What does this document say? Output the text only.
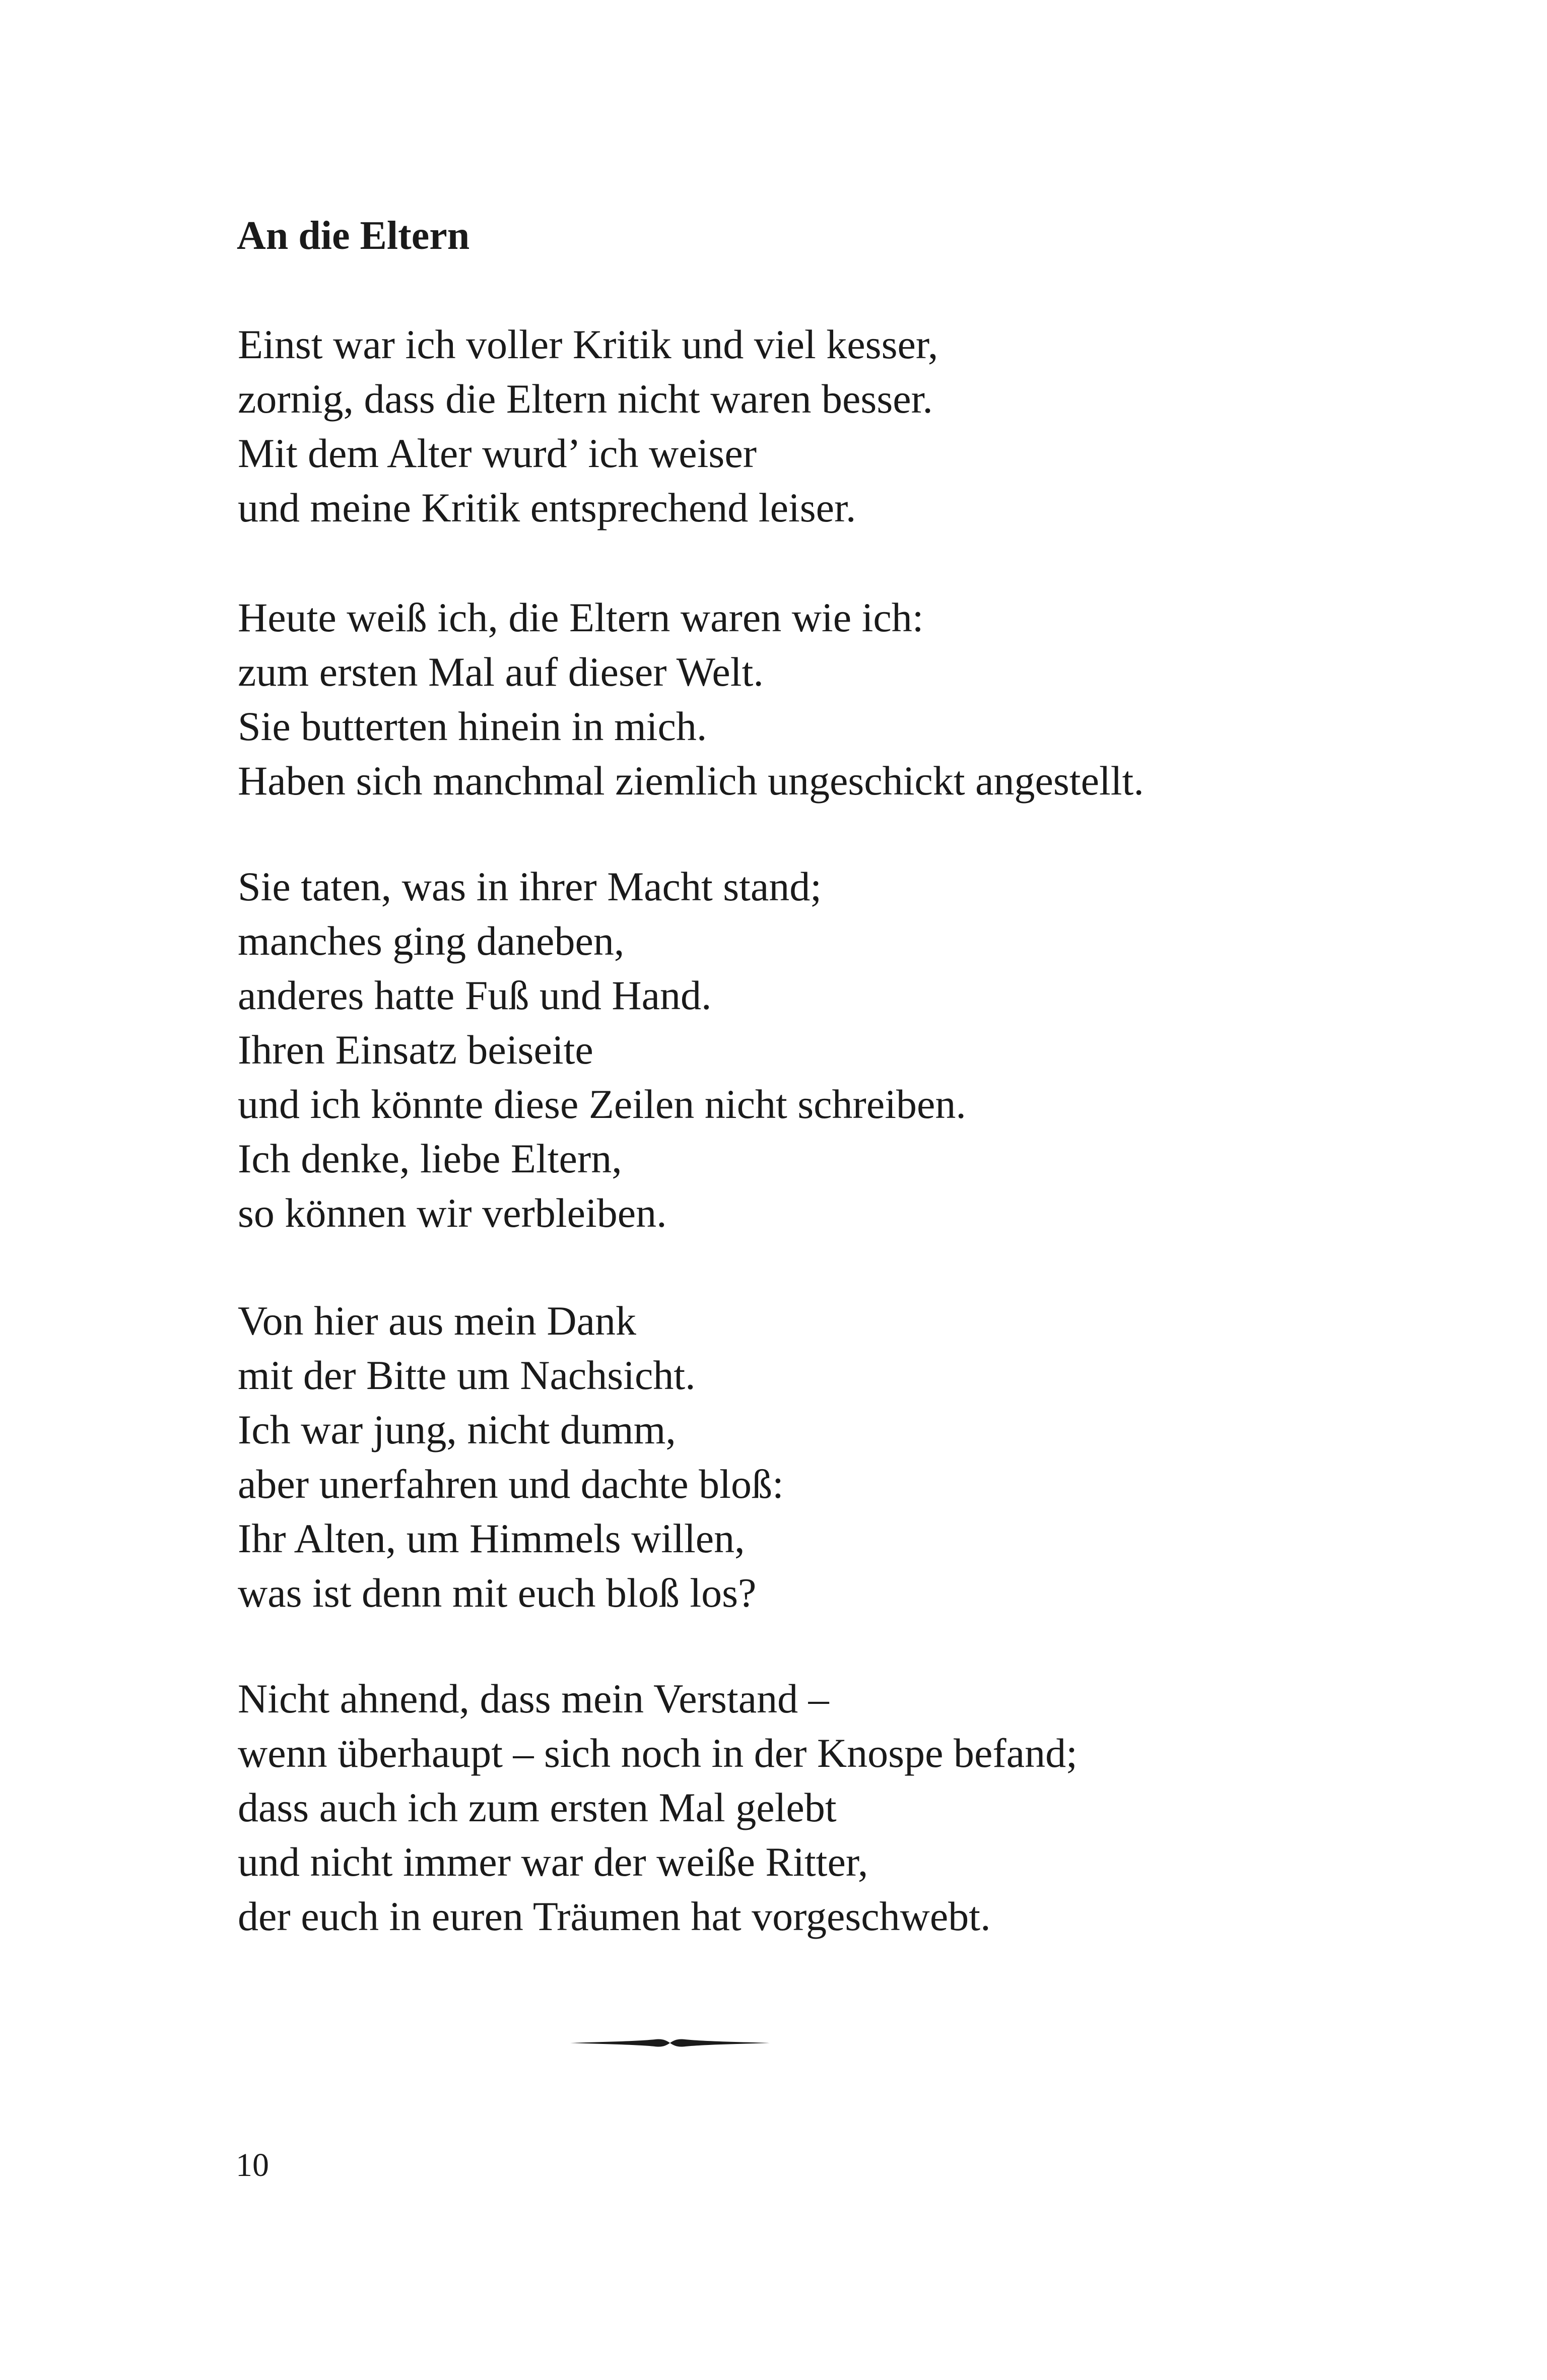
An die Eltern
Einst war ich voller Kritik und viel kesser,
zornig, dass die Eltern nicht waren besser.
Mit dem Alter wurd’ ich weiser
und meine Kritik entsprechend leiser.
Heute weiß ich, die Eltern waren wie ich:
zum ersten Mal auf dieser Welt.
Sie butterten hinein in mich.
Haben sich manchmal ziemlich ungeschickt angestellt.
Sie taten, was in ihrer Macht stand;
manches ging daneben,
anderes hatte Fuß und Hand.
Ihren Einsatz beiseite
und ich könnte diese Zeilen nicht schreiben.
Ich denke, liebe Eltern,
so können wir verbleiben.
Von hier aus mein Dank
mit der Bitte um Nachsicht.
Ich war jung, nicht dumm,
aber unerfahren und dachte bloß:
Ihr Alten, um Himmels willen,
was ist denn mit euch bloß los?
Nicht ahnend, dass mein Verstand –
wenn überhaupt – sich noch in der Knospe befand;
dass auch ich zum ersten Mal gelebt
und nicht immer war der weiße Ritter,
der euch in euren Träumen hat vorgeschwebt.
10
